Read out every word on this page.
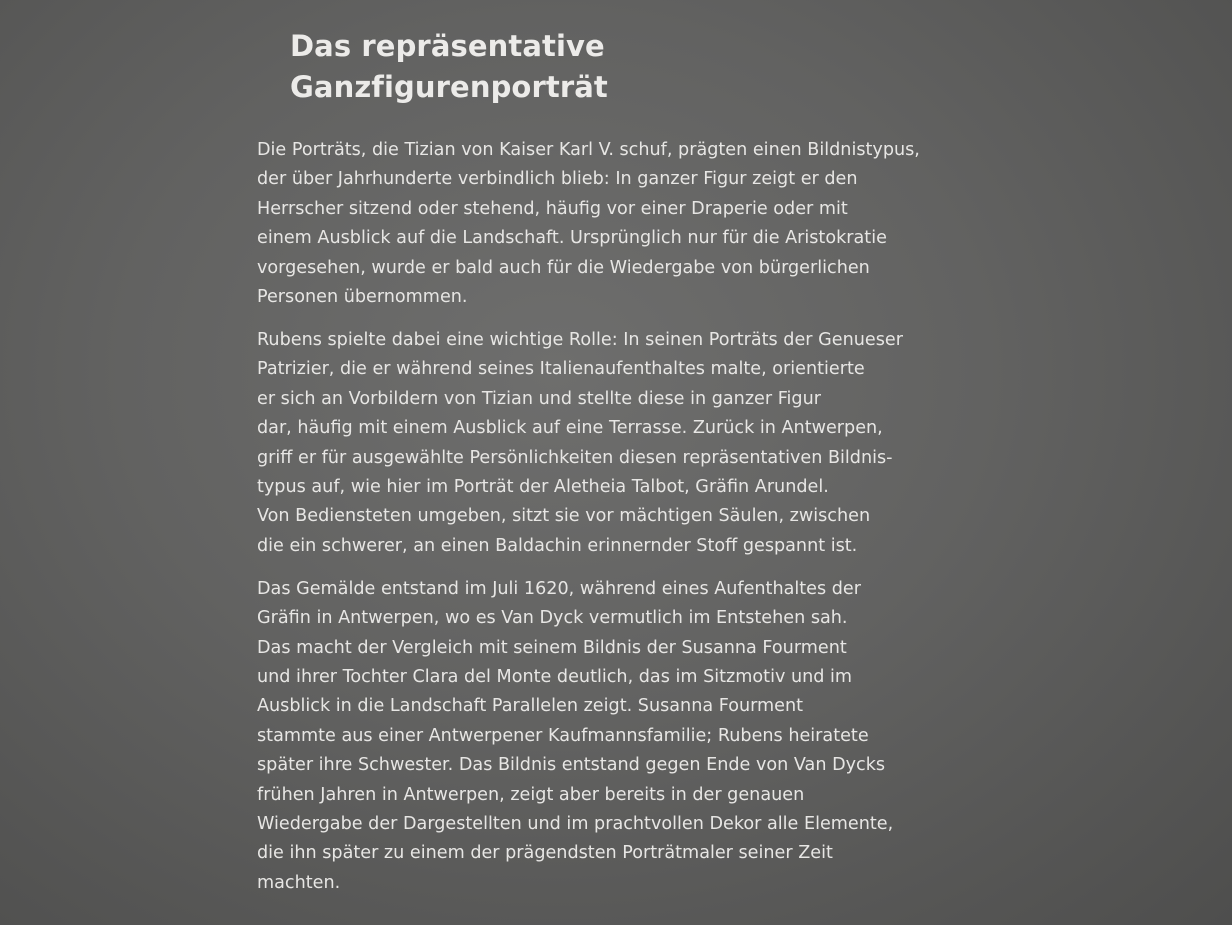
Das repräsentative
Ganzfigurenporträt
Die Porträts, die Tizian von Kaiser Karl V. schuf, prägten einen Bildnistypus,
der über Jahrhunderte verbindlich blieb: In ganzer Figur zeigt er den
Herrscher sitzend oder stehend, häufig vor einer Draperie oder mit
einem Ausblick auf die Landschaft. Ursprünglich nur für die Aristokratie
vorgesehen, wurde er bald auch für die Wiedergabe von bürgerlichen
Personen übernommen.
Rubens spielte dabei eine wichtige Rolle: In seinen Porträts der Genueser
Patrizier, die er während seines Italienaufenthaltes malte, orientierte
er sich an Vorbildern von Tizian und stellte diese in ganzer Figur
dar, häufig mit einem Ausblick auf eine Terrasse. Zurück in Antwerpen,
griff er für ausgewählte Persönlichkeiten diesen repräsentativen Bildnis-
typus auf, wie hier im Porträt der Aletheia Talbot, Gräfin Arundel.
Von Bediensteten umgeben, sitzt sie vor mächtigen Säulen, zwischen
die ein schwerer, an einen Baldachin erinnernder Stoff gespannt ist.
Das Gemälde entstand im Juli 1620, während eines Aufenthaltes der
Gräfin in Antwerpen, wo es Van Dyck vermutlich im Entstehen sah.
Das macht der Vergleich mit seinem Bildnis der Susanna Fourment
und ihrer Tochter Clara del Monte deutlich, das im Sitzmotiv und im
Ausblick in die Landschaft Parallelen zeigt. Susanna Fourment
stammte aus einer Antwerpener Kaufmannsfamilie; Rubens heiratete
später ihre Schwester. Das Bildnis entstand gegen Ende von Van Dycks
frühen Jahren in Antwerpen, zeigt aber bereits in der genauen
Wiedergabe der Dargestellten und im prachtvollen Dekor alle Elemente,
die ihn später zu einem der prägendsten Porträtmaler seiner Zeit
machten.
